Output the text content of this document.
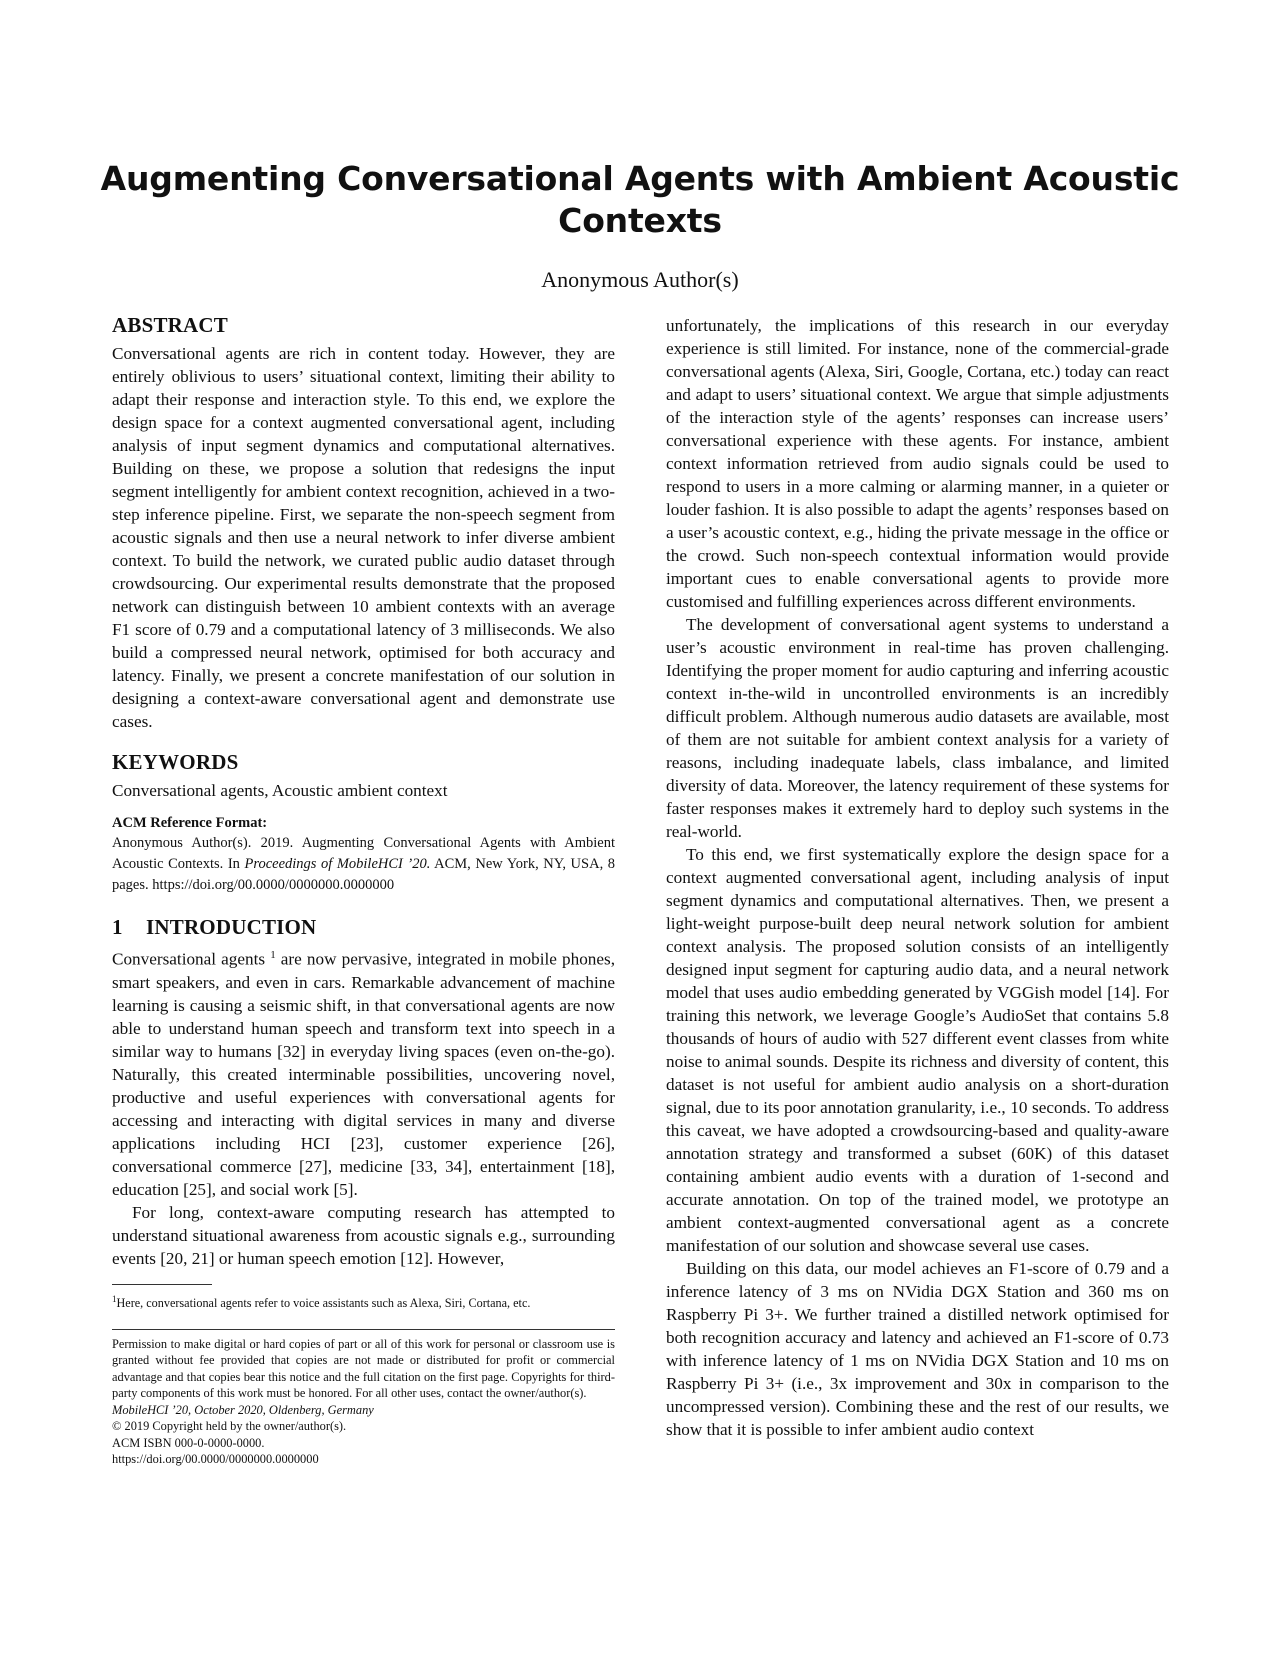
Augmenting Conversational Agents with Ambient Acoustic Contexts
Anonymous Author(s)
ABSTRACT

Conversational agents are rich in content today. However, they are entirely oblivious to users’ situational context, limiting their ability to adapt their response and interaction style. To this end, we explore the design space for a context augmented conversational agent, including analysis of input segment dynamics and computational alternatives. Building on these, we propose a solution that redesigns the input segment intelligently for ambient context recognition, achieved in a two-step inference pipeline. First, we separate the non-speech segment from acoustic signals and then use a neural network to infer diverse ambient context. To build the network, we curated public audio dataset through crowdsourcing. Our experimental results demonstrate that the proposed network can distinguish between 10 ambient contexts with an average F1 score of 0.79 and a computational latency of 3 milliseconds. We also build a compressed neural network, optimised for both accuracy and latency. Finally, we present a concrete manifestation of our solution in designing a context-aware conversational agent and demonstrate use cases.

KEYWORDS

Conversational agents, Acoustic ambient context

ACM Reference Format:
Anonymous Author(s). 2019. Augmenting Conversational Agents with Ambient Acoustic Contexts. In Proceedings of MobileHCI ’20. ACM, New York, NY, USA, 8 pages. https://doi.org/00.0000/0000000.0000000
1 INTRODUCTION

Conversational agents $^1$ are now pervasive, integrated in mobile phones, smart speakers, and even in cars. Remarkable advancement of machine learning is causing a seismic shift, in that conversational agents are now able to understand human speech and transform text into speech in a similar way to humans [32] in everyday living spaces (even on-the-go). Naturally, this created interminable possibilities, uncovering novel, productive and useful experiences with conversational agents for accessing and interacting with digital services in many and diverse applications including HCI [23], customer experience [26], conversational commerce [27], medicine [33, 34], entertainment [18], education [25], and social work [5].

For long, context-aware computing research has attempted to understand situational awareness from acoustic signals e.g., surrounding events [20, 21] or human speech emotion [12]. However,

$^1$Here, conversational agents refer to voice assistants such as Alexa, Siri, Cortana, etc.
Permission to make digital or hard copies of part or all of this work for personal or classroom use is granted without fee provided that copies are not made or distributed for profit or commercial advantage and that copies bear this notice and the full citation on the first page. Copyrights for third-party components of this work must be honored. For all other uses, contact the owner/author(s).
MobileHCI ’20, October 2020, Oldenberg, Germany
© 2019 Copyright held by the owner/author(s).
ACM ISBN 000-0-0000-0000.
https://doi.org/00.0000/0000000.0000000

unfortunately, the implications of this research in our everyday experience is still limited. For instance, none of the commercial-grade conversational agents (Alexa, Siri, Google, Cortana, etc.) today can react and adapt to users’ situational context. We argue that simple adjustments of the interaction style of the agents’ responses can increase users’ conversational experience with these agents. For instance, ambient context information retrieved from audio signals could be used to respond to users in a more calming or alarming manner, in a quieter or louder fashion. It is also possible to adapt the agents’ responses based on a user’s acoustic context, e.g., hiding the private message in the office or the crowd. Such non-speech contextual information would provide important cues to enable conversational agents to provide more customised and fulfilling experiences across different environments.

The development of conversational agent systems to understand a user’s acoustic environment in real-time has proven challenging. Identifying the proper moment for audio capturing and inferring acoustic context in-the-wild in uncontrolled environments is an incredibly difficult problem. Although numerous audio datasets are available, most of them are not suitable for ambient context analysis for a variety of reasons, including inadequate labels, class imbalance, and limited diversity of data. Moreover, the latency requirement of these systems for faster responses makes it extremely hard to deploy such systems in the real-world.

To this end, we first systematically explore the design space for a context augmented conversational agent, including analysis of input segment dynamics and computational alternatives. Then, we present a light-weight purpose-built deep neural network solution for ambient context analysis. The proposed solution consists of an intelligently designed input segment for capturing audio data, and a neural network model that uses audio embedding generated by VGGish model [14]. For training this network, we leverage Google’s AudioSet that contains 5.8 thousands of hours of audio with 527 different event classes from white noise to animal sounds. Despite its richness and diversity of content, this dataset is not useful for ambient audio analysis on a short-duration signal, due to its poor annotation granularity, i.e., 10 seconds. To address this caveat, we have adopted a crowdsourcing-based and quality-aware annotation strategy and transformed a subset (60K) of this dataset containing ambient audio events with a duration of 1-second and accurate annotation. On top of the trained model, we prototype an ambient context-augmented conversational agent as a concrete manifestation of our solution and showcase several use cases.

Building on this data, our model achieves an F1-score of 0.79 and a inference latency of 3 ms on NVidia DGX Station and 360 ms on Raspberry Pi 3+. We further trained a distilled network optimised for both recognition accuracy and latency and achieved an F1-score of 0.73 with inference latency of 1 ms on NVidia DGX Station and 10 ms on Raspberry Pi 3+ (i.e., 3x improvement and 30x in comparison to the uncompressed version). Combining these and the rest of our results, we show that it is possible to infer ambient audio context
